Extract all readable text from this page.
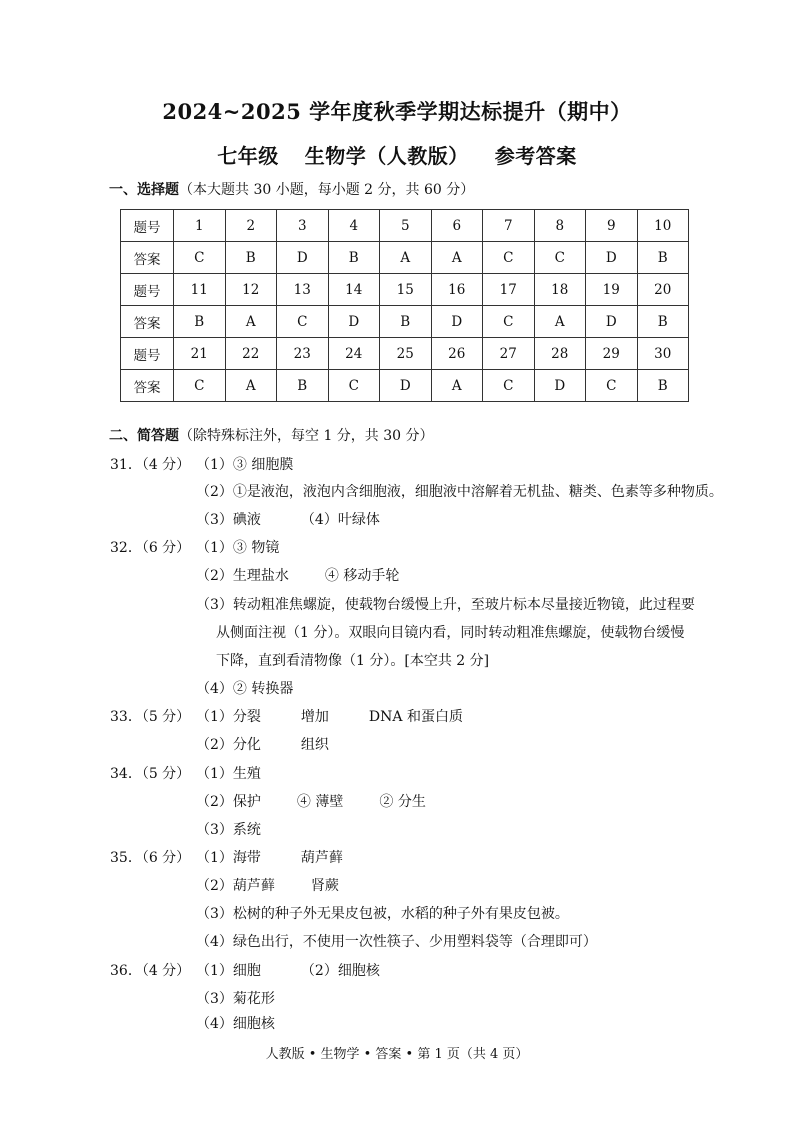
2024~2025 学年度秋季学期达标提升（期中）
七年级 生物学（人教版） 参考答案
一、选择题（本大题共 30 小题，每小题 2 分，共 60 分）
题号	1	2	3	4	5	6	7	8	9	10
答案	C	B	D	B	A	A	C	C	D	B
题号	11	12	13	14	15	16	17	18	19	20
答案	B	A	C	D	B	D	C	A	D	B
题号	21	22	23	24	25	26	27	28	29	30
答案	C	A	B	C	D	A	C	D	C	B
二、简答题（除特殊标注外，每空 1 分，共 30 分）
31．（4 分） （1）③ 细胞膜
（2）①是液泡，液泡内含细胞液，细胞液中溶解着无机盐、糖类、色素等多种物质。
（3）碘液	（4）叶绿体
32．（6 分） （1）③ 物镜
（2）生理盐水	④ 移动手轮
（3）转动粗准焦螺旋，使载物台缓慢上升，至玻片标本尽量接近物镜，此过程要
从侧面注视（1 分）。双眼向目镜内看，同时转动粗准焦螺旋，使载物台缓慢
下降，直到看清物像（1 分）。[本空共 2 分]
（4）② 转换器
33．（5 分） （1）分裂	增加	DNA 和蛋白质
（2）分化	组织
34．（5 分） （1）生殖
（2）保护	④ 薄壁	② 分生
（3）系统
35．（6 分） （1）海带	葫芦藓
（2）葫芦藓	肾蕨
（3）松树的种子外无果皮包被，水稻的种子外有果皮包被。
（4）绿色出行，不使用一次性筷子、少用塑料袋等（合理即可）
36．（4 分） （1）细胞	（2）细胞核
（3）菊花形
（4）细胞核
人教版 • 生物学 • 答案 • 第 1 页（共 4 页）
